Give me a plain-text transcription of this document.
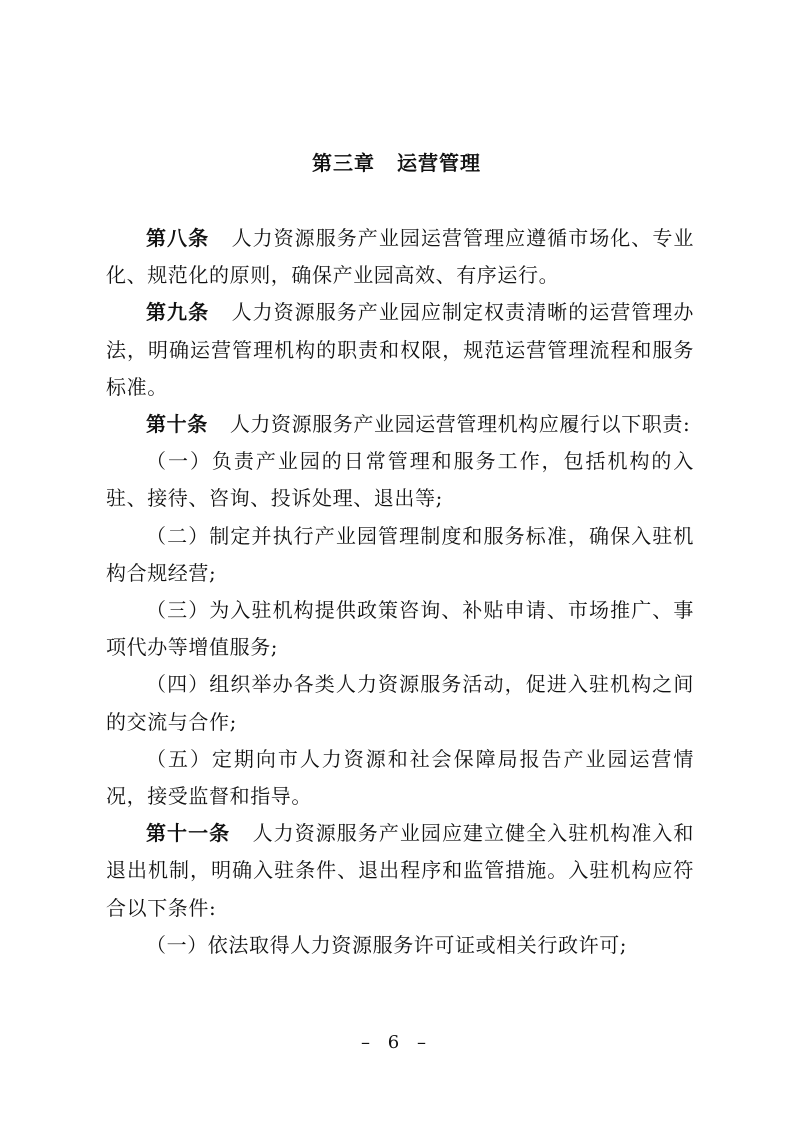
第三章 运营管理

第八条 人力资源服务产业园运营管理应遵循市场化、专业化、规范化的原则，确保产业园高效、有序运行。

第九条 人力资源服务产业园应制定权责清晰的运营管理办法，明确运营管理机构的职责和权限，规范运营管理流程和服务标准。

第十条 人力资源服务产业园运营管理机构应履行以下职责:

（一）负责产业园的日常管理和服务工作，包括机构的入驻、接待、咨询、投诉处理、退出等;

（二）制定并执行产业园管理制度和服务标准，确保入驻机构合规经营;

（三）为入驻机构提供政策咨询、补贴申请、市场推广、事项代办等增值服务;

（四）组织举办各类人力资源服务活动，促进入驻机构之间的交流与合作;

（五）定期向市人力资源和社会保障局报告产业园运营情况，接受监督和指导。

第十一条 人力资源服务产业园应建立健全入驻机构准入和退出机制，明确入驻条件、退出程序和监管措施。入驻机构应符合以下条件:

（一）依法取得人力资源服务许可证或相关行政许可;

– 6 –
